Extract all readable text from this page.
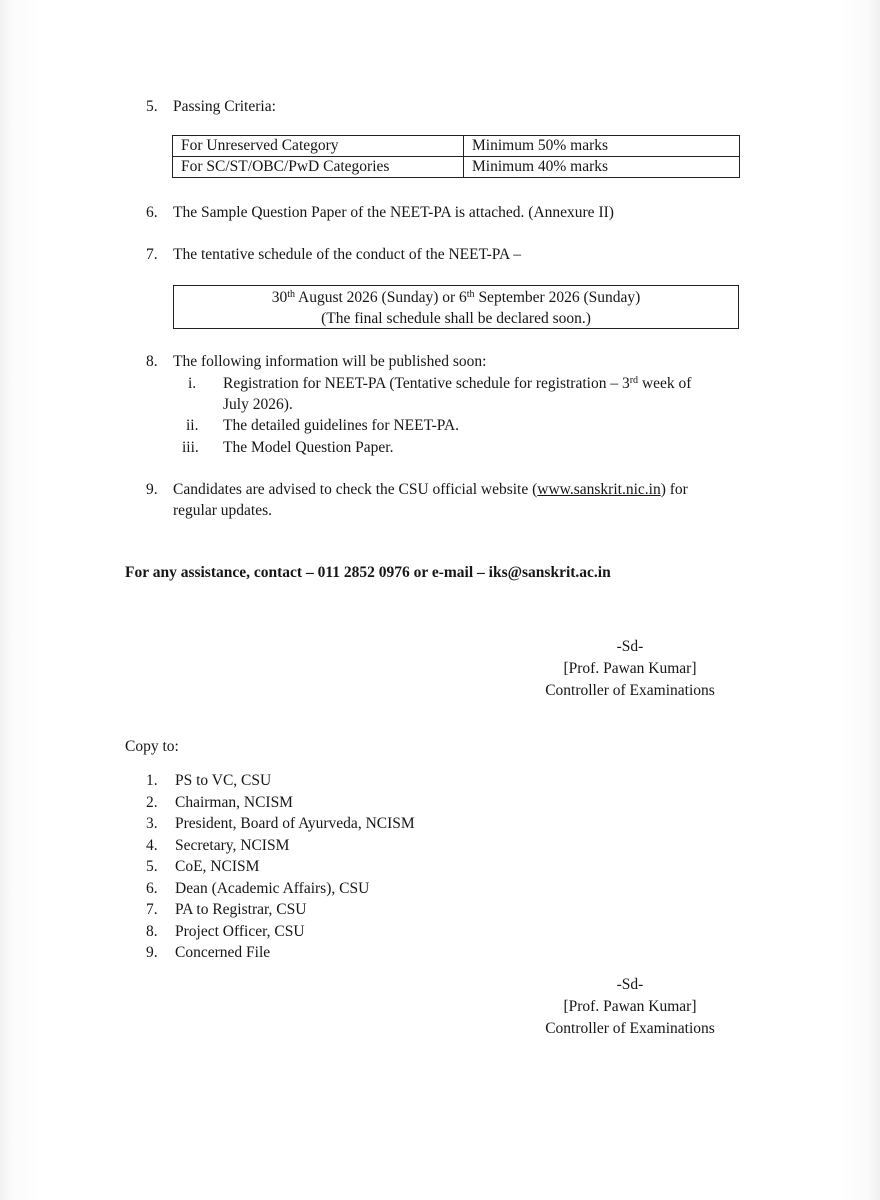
5. Passing Criteria:
For Unreserved Category	Minimum 50% marks
For SC/ST/OBC/PwD Categories	Minimum 40% marks
6. The Sample Question Paper of the NEET-PA is attached. (Annexure II)
7. The tentative schedule of the conduct of the NEET-PA –
30th August 2026 (Sunday) or 6th September 2026 (Sunday)
(The final schedule shall be declared soon.)
8. The following information will be published soon:
i. Registration for NEET-PA (Tentative schedule for registration – 3rd week of
July 2026).
ii. The detailed guidelines for NEET-PA.
iii. The Model Question Paper.
9. Candidates are advised to check the CSU official website (www.sanskrit.nic.in) for
regular updates.
For any assistance, contact – 011 2852 0976 or e-mail – iks@sanskrit.ac.in
-Sd-
[Prof. Pawan Kumar]
Controller of Examinations
Copy to:
1. PS to VC, CSU
2. Chairman, NCISM
3. President, Board of Ayurveda, NCISM
4. Secretary, NCISM
5. CoE, NCISM
6. Dean (Academic Affairs), CSU
7. PA to Registrar, CSU
8. Project Officer, CSU
9. Concerned File
-Sd-
[Prof. Pawan Kumar]
Controller of Examinations
